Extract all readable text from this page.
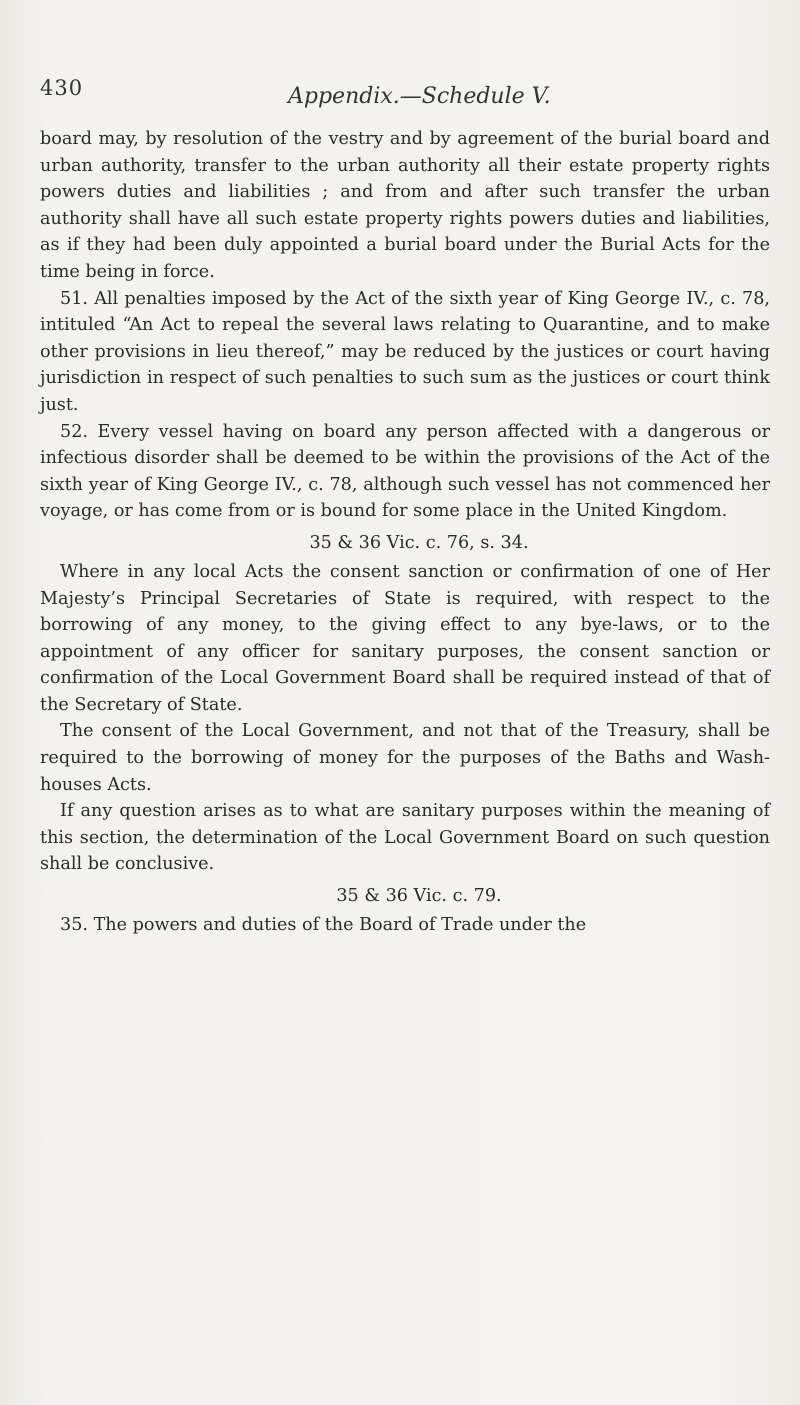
430	Appendix.—Schedule V.

board may, by resolution of the vestry and by agreement of the burial board and urban authority, transfer to the urban authority all their estate property rights powers duties and liabilities ; and from and after such transfer the urban authority shall have all such estate property rights powers duties and liabilities, as if they had been duly appointed a burial board under the Burial Acts for the time being in force.

51. All penalties imposed by the Act of the sixth year of King George IV., c. 78, intituled “An Act to repeal the several laws relating to Quarantine, and to make other provisions in lieu thereof,” may be reduced by the justices or court having jurisdiction in respect of such penalties to such sum as the justices or court think just.

52. Every vessel having on board any person affected with a dangerous or infectious disorder shall be deemed to be within the provisions of the Act of the sixth year of King George IV., c. 78, although such vessel has not commenced her voyage, or has come from or is bound for some place in the United Kingdom.

35 & 36 Vic. c. 76, s. 34.

Where in any local Acts the consent sanction or confirmation of one of Her Majesty’s Principal Secretaries of State is required, with respect to the borrowing of any money, to the giving effect to any bye-laws, or to the appointment of any officer for sanitary purposes, the consent sanction or confirmation of the Local Government Board shall be required instead of that of the Secretary of State.

The consent of the Local Government, and not that of the Treasury, shall be required to the borrowing of money for the purposes of the Baths and Wash-houses Acts.

If any question arises as to what are sanitary purposes within the meaning of this section, the determination of the Local Government Board on such question shall be conclusive.

35 & 36 Vic. c. 79.

35. The powers and duties of the Board of Trade under the
